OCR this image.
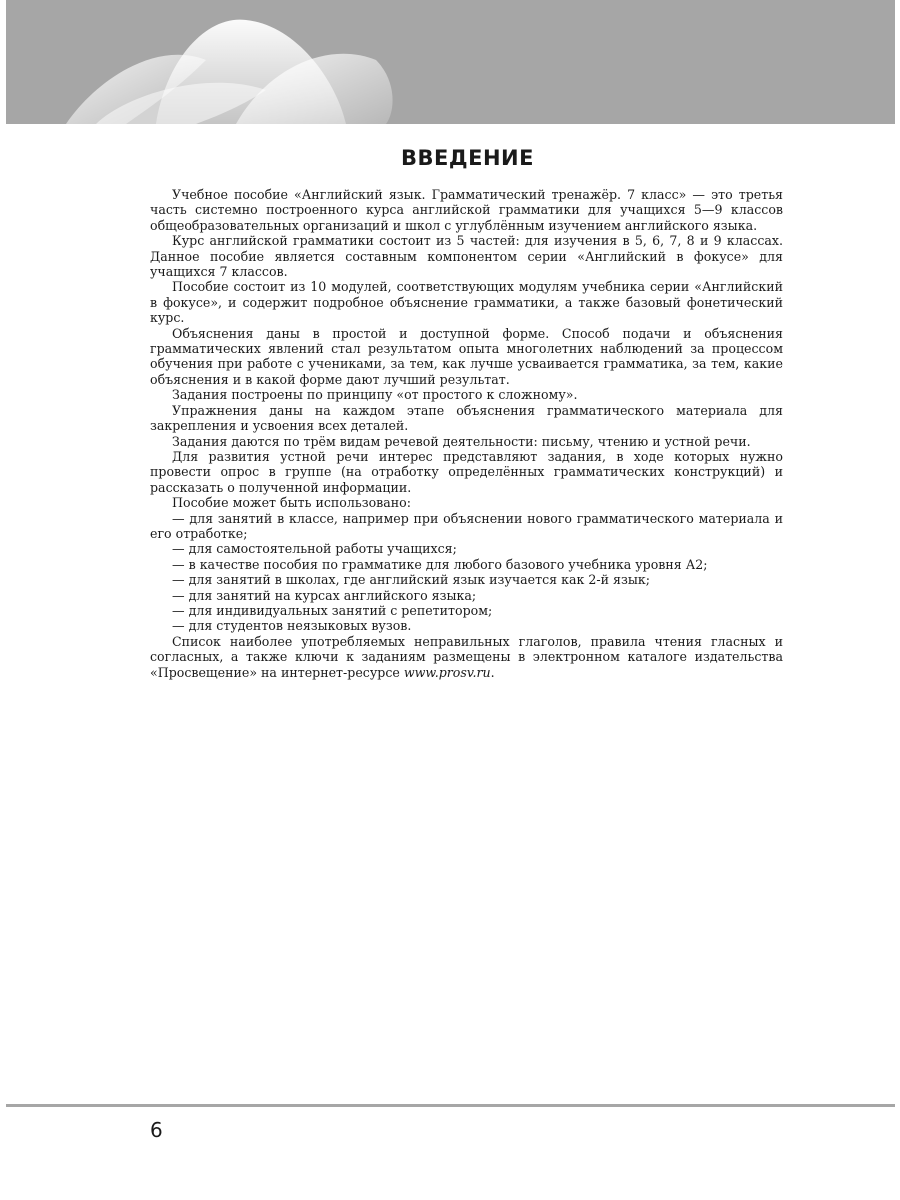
ВВЕДЕНИЕ

Учебное пособие «Английский язык. Грамматический тренажёр. 7 класс» — это третья часть системно построенного курса английской грамматики для учащихся 5—9 классов общеобразовательных организаций и школ с углублённым изучением английского языка.

Курс английской грамматики состоит из 5 частей: для изучения в 5, 6, 7, 8 и 9 классах. Данное пособие является составным компонентом серии «Английский в фокусе» для учащихся 7 классов.

Пособие состоит из 10 модулей, соответствующих модулям учебника серии «Английский в фокусе», и содержит подробное объяснение грамматики, а также базовый фонетический курс.

Объяснения даны в простой и доступной форме. Способ подачи и объяснения грамматических явлений стал результатом опыта многолетних наблюдений за процессом обучения при работе с учениками, за тем, как лучше усваивается грамматика, за тем, какие объяснения и в какой форме дают лучший результат.

Задания построены по принципу «от простого к сложному».

Упражнения даны на каждом этапе объяснения грамматического материала для закрепления и усвоения всех деталей.

Задания даются по трём видам речевой деятельности: письму, чтению и устной речи.

Для развития устной речи интерес представляют задания, в ходе которых нужно провести опрос в группе (на отработку определённых грамматических конструкций) и рассказать о полученной информации.

Пособие может быть использовано:

— для занятий в классе, например при объяснении нового грамматического материала и его отработке;

— для самостоятельной работы учащихся;

— в качестве пособия по грамматике для любого базового учебника уровня А2;

— для занятий в школах, где английский язык изучается как 2-й язык;

— для занятий на курсах английского языка;

— для индивидуальных занятий с репетитором;

— для студентов неязыковых вузов.

Список наиболее употребляемых неправильных глаголов, правила чтения гласных и согласных, а также ключи к заданиям размещены в электронном каталоге издательства «Просвещение» на интернет-ресурсе www.prosv.ru.

6
